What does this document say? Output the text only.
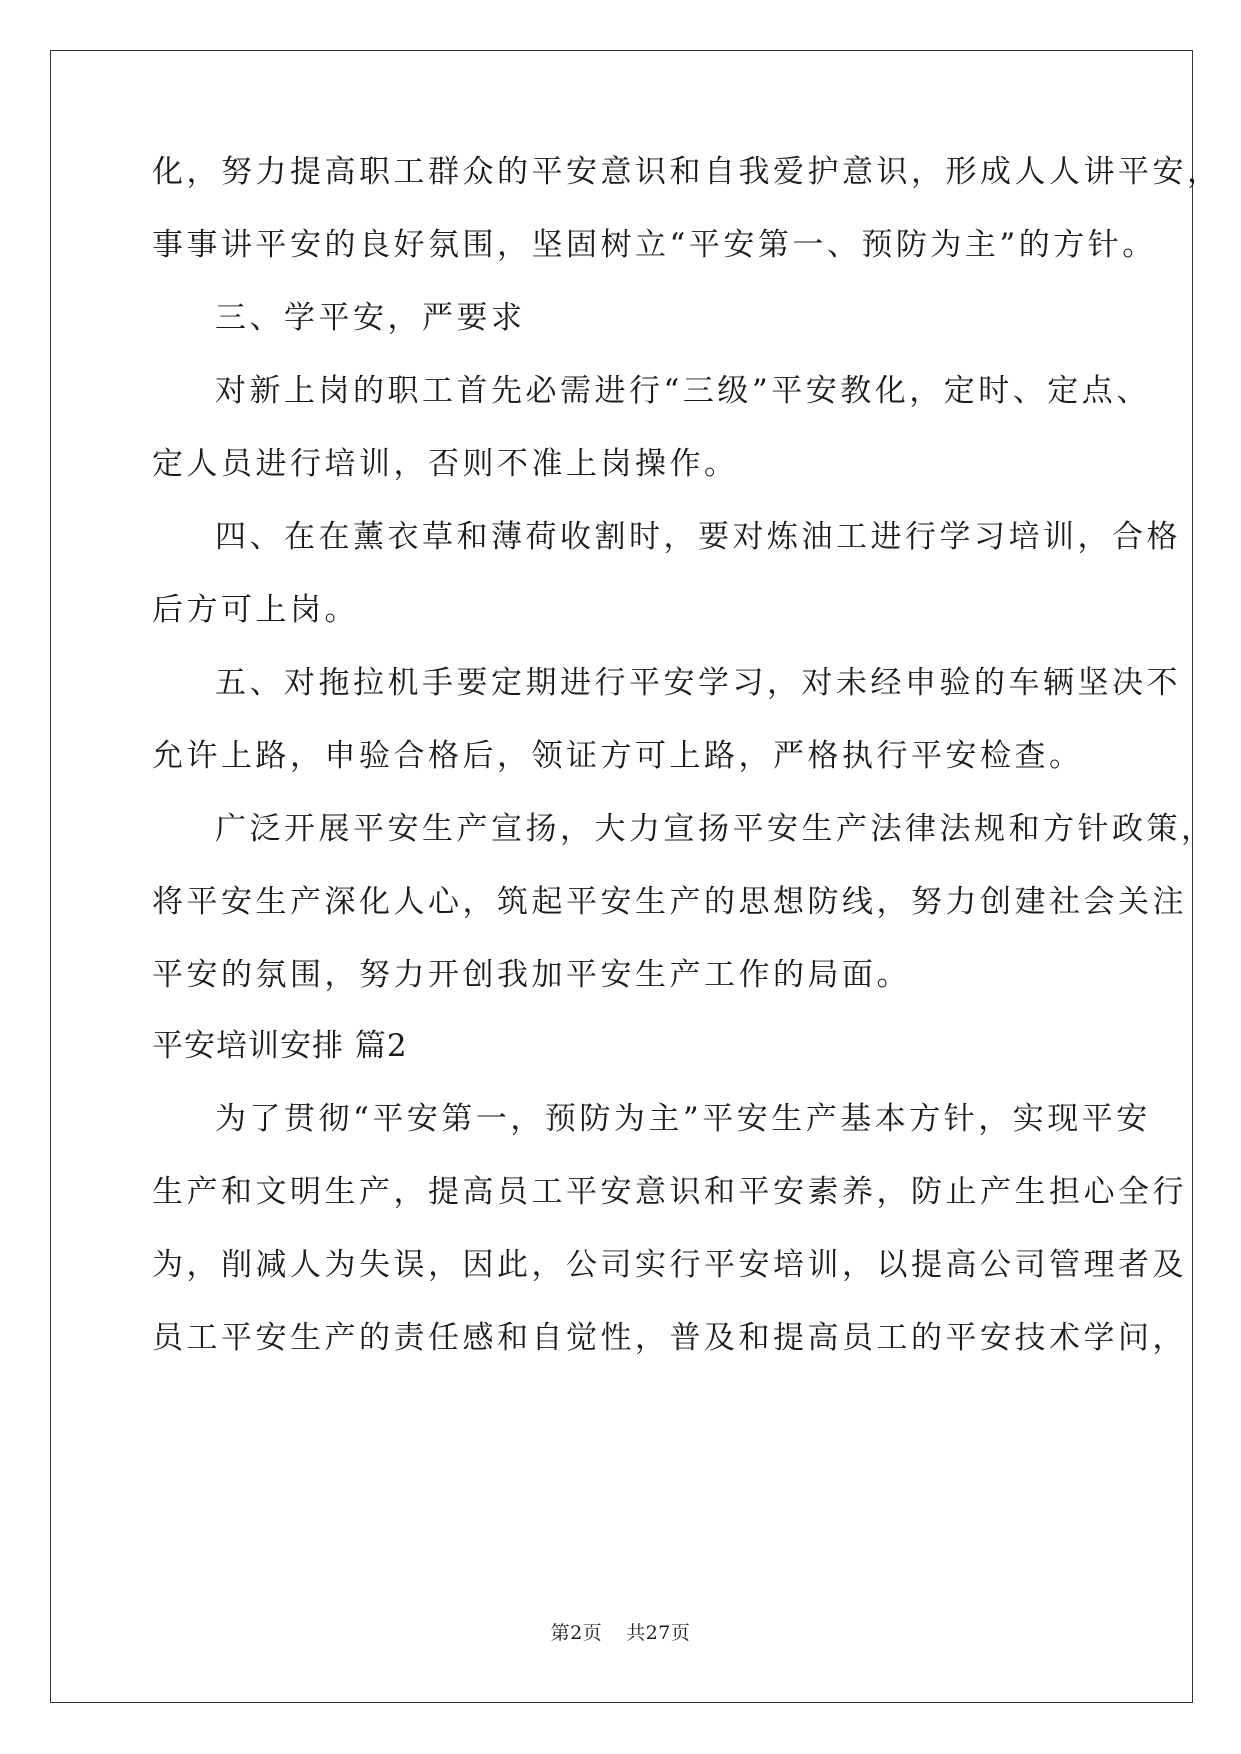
化，努力提高职工群众的平安意识和自我爱护意识，形成人人讲平安，
事事讲平安的良好氛围，坚固树立“平安第一、预防为主”的方针。
三、学平安，严要求
对新上岗的职工首先必需进行“三级”平安教化，定时、定点、
定人员进行培训，否则不准上岗操作。
四、在在薰衣草和薄荷收割时，要对炼油工进行学习培训，合格
后方可上岗。
五、对拖拉机手要定期进行平安学习，对未经申验的车辆坚决不
允许上路，申验合格后，领证方可上路，严格执行平安检查。
广泛开展平安生产宣扬，大力宣扬平安生产法律法规和方针政策，
将平安生产深化人心，筑起平安生产的思想防线，努力创建社会关注
平安的氛围，努力开创我加平安生产工作的局面。
平安培训安排 篇2
为了贯彻“平安第一，预防为主”平安生产基本方针，实现平安
生产和文明生产，提高员工平安意识和平安素养，防止产生担心全行
为，削减人为失误，因此，公司实行平安培训，以提高公司管理者及
员工平安生产的责任感和自觉性，普及和提高员工的平安技术学问，
第2页 共27页
